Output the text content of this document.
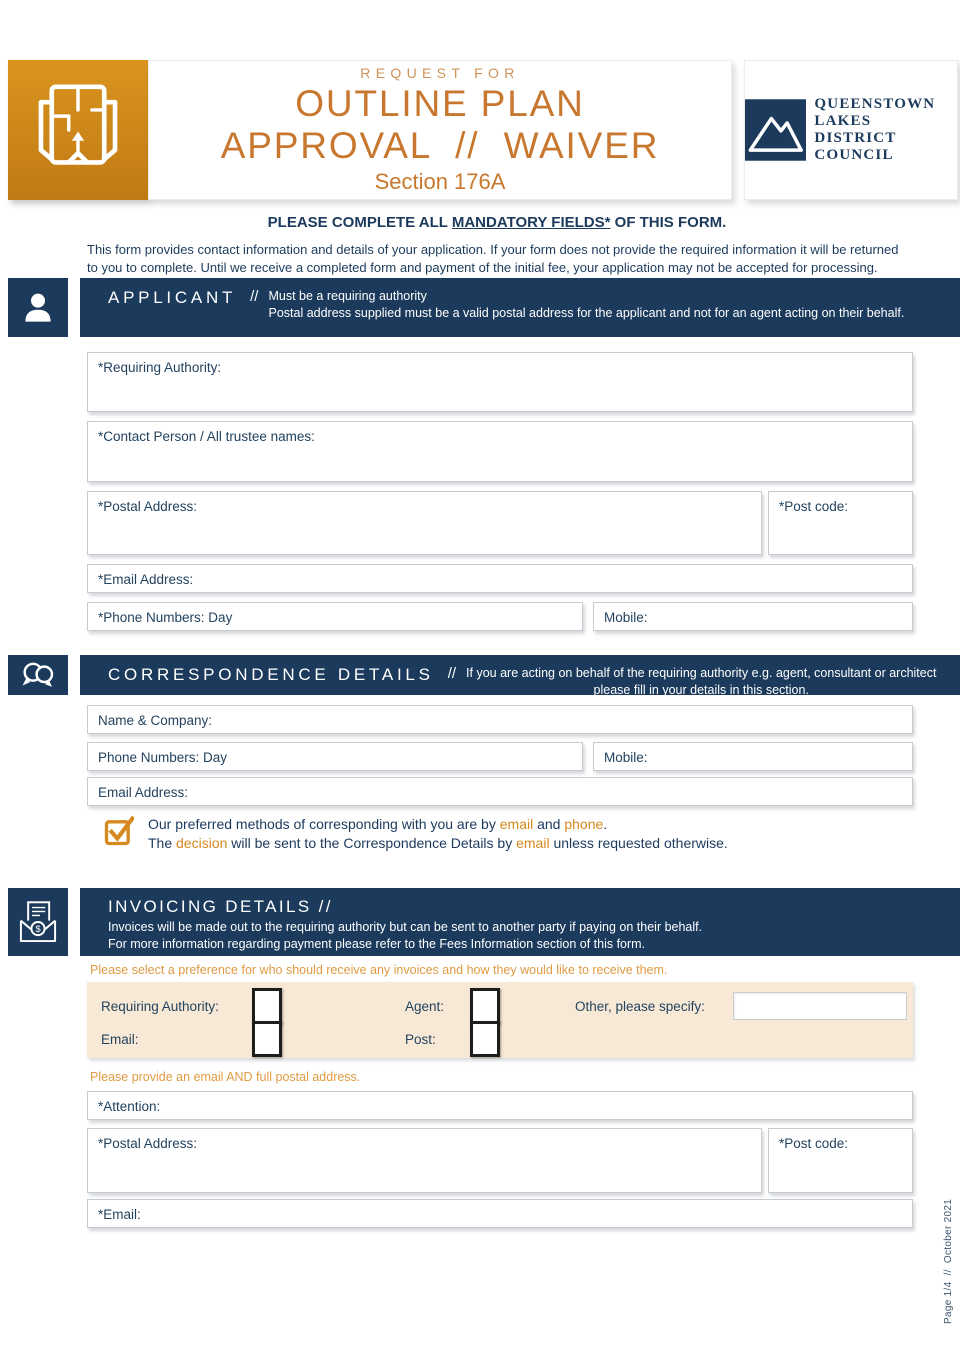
REQUEST FOR
OUTLINE PLAN
APPROVAL  //  WAIVER
Section 176A
QUEENSTOWN
LAKES DISTRICT
COUNCIL
PLEASE COMPLETE ALL MANDATORY FIELDS* OF THIS FORM.
This form provides contact information and details of your application. If your form does not provide the required information it will be returned to you to complete. Until we receive a completed form and payment of the initial fee, your application may not be accepted for processing.
APPLICANT // Must be a requiring authority
Postal address supplied must be a valid postal address for the applicant and not for an agent acting on their behalf.
*Requiring Authority:
*Contact Person / All trustee names:
*Postal Address:	*Post code:
*Email Address:
*Phone Numbers: Day	Mobile:
CORRESPONDENCE DETAILS // If you are acting on behalf of the requiring authority e.g. agent, consultant or architect
please fill in your details in this section.
Name & Company:
Phone Numbers: Day	Mobile:
Email Address:
Our preferred methods of corresponding with you are by email and phone.
The decision will be sent to the Correspondence Details by email unless requested otherwise.
$
INVOICING DETAILS //
Invoices will be made out to the requiring authority but can be sent to another party if paying on their behalf.
For more information regarding payment please refer to the Fees Information section of this form.
Please select a preference for who should receive any invoices and how they would like to receive them.
Requiring Authority:	Agent:	Other, please specify:
Email:	Post:
Please provide an email AND full postal address.
*Attention:
*Postal Address:	*Post code:
*Email:	Page 1/4  //  October 2021
